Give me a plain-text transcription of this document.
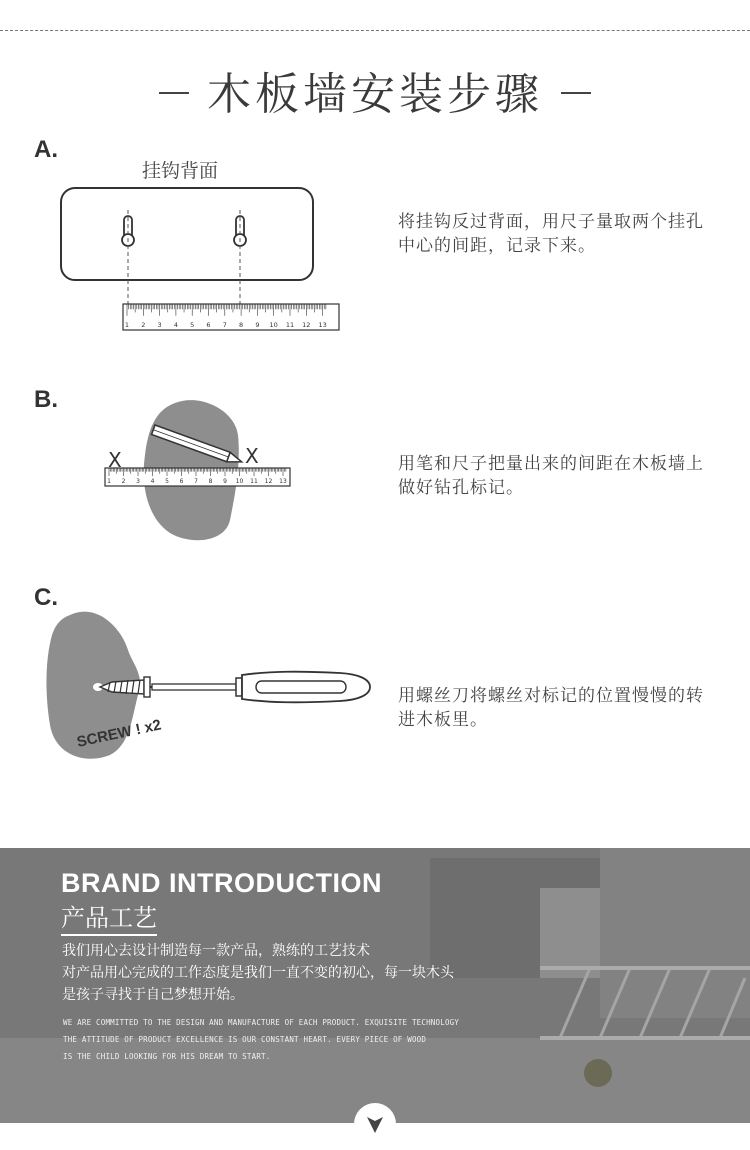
木板墙安装步骤
A.
挂钩背面
1 2 3 4 5 6 7 8 9 10 11 12 13
将挂钩反过背面，用尺子量取两个挂孔中心的间距，记录下来。
B.
1 2 3 4 5 6 7 8 9 10 11 12 13
X	X	用笔和尺子把量出来的间距在木板墙上做好钻孔标记。
C.
SCREW ! x2
用螺丝刀将螺丝对标记的位置慢慢的转进木板里。
BRAND INTRODUCTION
产品工艺
我们用心去设计制造每一款产品，熟练的工艺技术
对产品用心完成的工作态度是我们一直不变的初心，每一块木头
是孩子寻找于自己梦想开始。
WE ARE COMMITTED TO THE DESIGN AND MANUFACTURE OF EACH PRODUCT. EXQUISITE TECHNOLOGY
THE ATTITUDE OF PRODUCT EXCELLENCE IS OUR CONSTANT HEART. EVERY PIECE OF WOOD
IS THE CHILD LOOKING FOR HIS DREAM TO START.
